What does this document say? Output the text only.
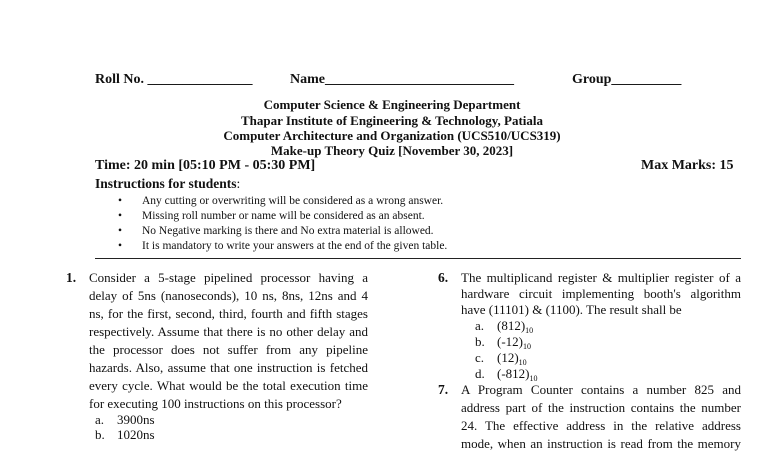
Roll No. _______________	Name___________________________	Group__________
Computer Science & Engineering Department
Thapar Institute of Engineering & Technology, Patiala
Computer Architecture and Organization (UCS510/UCS319)
Make-up Theory Quiz [November 30, 2023]
Time: 20 min [05:10 PM - 05:30 PM]	Max Marks: 15
Instructions for students:
• Any cutting or overwriting will be considered as a wrong answer.
• Missing roll number or name will be considered as an absent.
• No Negative marking is there and No extra material is allowed.
• It is mandatory to write your answers at the end of the given table.
1. Consider a 5-stage pipelined processor having a
delay of 5ns (nanoseconds), 10 ns, 8ns, 12ns and 4
ns, for the first, second, third, fourth and fifth stages
respectively. Assume that there is no other delay and
the processor does not suffer from any pipeline
hazards. Also, assume that one instruction is fetched
every cycle. What would be the total execution time
for executing 100 instructions on this processor?
a. 3900ns
b. 1020ns
6. The multiplicand register & multiplier register of a
hardware circuit implementing booth's algorithm
have (11101) & (1100). The result shall be
a. $(812)_{10}$
b. $(-12)_{10}$
c. $(12)_{10}$
d. $(-812)_{10}$
7. A Program Counter contains a number 825 and
address part of the instruction contains the number
24. The effective address in the relative address
mode, when an instruction is read from the memory
